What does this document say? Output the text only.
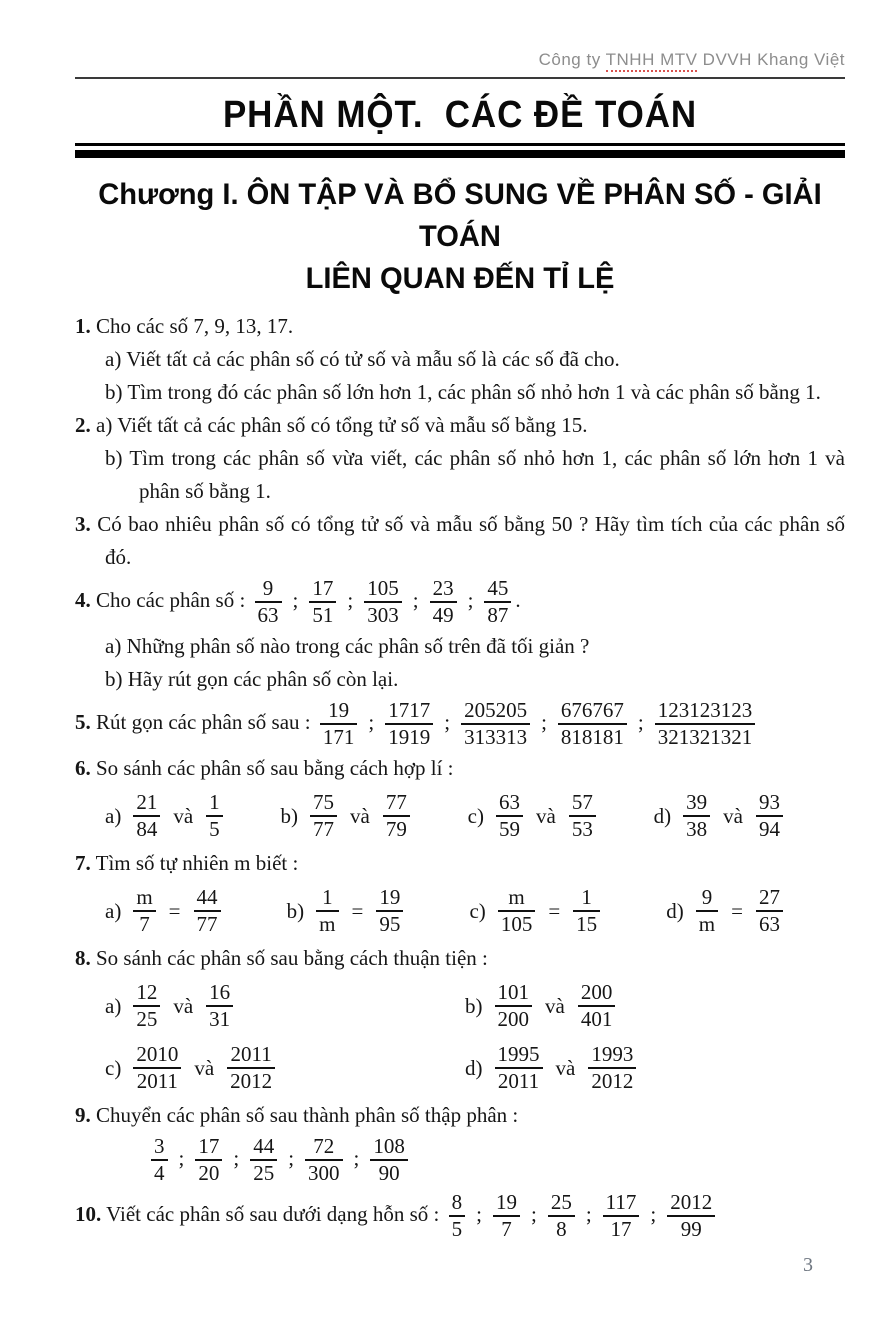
Công ty TNHH MTV DVVH Khang Việt
PHẦN MỘT.  CÁC ĐỀ TOÁN
Chương I. ÔN TẬP VÀ BỔ SUNG VỀ PHÂN SỐ - GIẢI TOÁN
LIÊN QUAN ĐẾN TỈ LỆ
1. Cho các số 7, 9, 13, 17.
a) Viết tất cả các phân số có tử số và mẫu số là các số đã cho.
b) Tìm trong đó các phân số lớn hơn 1, các phân số nhỏ hơn 1 và các phân số bằng 1.
2. a) Viết tất cả các phân số có tổng tử số và mẫu số bằng 15.
b) Tìm trong các phân số vừa viết, các phân số nhỏ hơn 1, các phân số lớn hơn 1 và phân số bằng 1.
3. Có bao nhiêu phân số có tổng tử số và mẫu số bằng 50 ? Hãy tìm tích của các phân số đó.
4. Cho các phân số : $\frac{9}{63}$ ; $\frac{17}{51}$ ; $\frac{105}{303}$ ; $\frac{23}{49}$ ; $\frac{45}{87}$ .
a) Những phân số nào trong các phân số trên đã tối giản ?
b) Hãy rút gọn các phân số còn lại.
5. Rút gọn các phân số sau : $\frac{19}{171}$ ; $\frac{1717}{1919}$ ; $\frac{205205}{313313}$ ; $\frac{676767}{818181}$ ; $\frac{123123123}{321321321}$
6. So sánh các phân số sau bằng cách hợp lí :
$a) \frac{21}{84}$ và $\frac{1}{5}$	$b) \frac{75}{77}$ và $\frac{77}{79}$	$c) \frac{63}{59}$ và $\frac{57}{53}$	$d) \frac{39}{38}$ và $\frac{93}{94}$
7. Tìm số tự nhiên m biết :
$a) \frac{m}{7} = \frac{44}{77}$	$b) \frac{1}{m} = \frac{19}{95}$	$c) \frac{m}{105} = \frac{1}{15}$	$d) \frac{9}{m} = \frac{27}{63}$
8. So sánh các phân số sau bằng cách thuận tiện :
$a) \frac{12}{25}$ và $\frac{16}{31}$	$b) \frac{101}{200}$ và $\frac{200}{401}$
$c) \frac{2010}{2011}$ và $\frac{2011}{2012}$	$d) \frac{1995}{2011}$ và $\frac{1993}{2012}$
9. Chuyển các phân số sau thành phân số thập phân :
$\frac{3}{4}$ ; $\frac{17}{20}$ ; $\frac{44}{25}$ ; $\frac{72}{300}$ ; $\frac{108}{90}$
10. Viết các phân số sau dưới dạng hỗn số : $\frac{8}{5}$ ; $\frac{19}{7}$ ; $\frac{25}{8}$ ; $\frac{117}{17}$ ; $\frac{2012}{99}$
3
